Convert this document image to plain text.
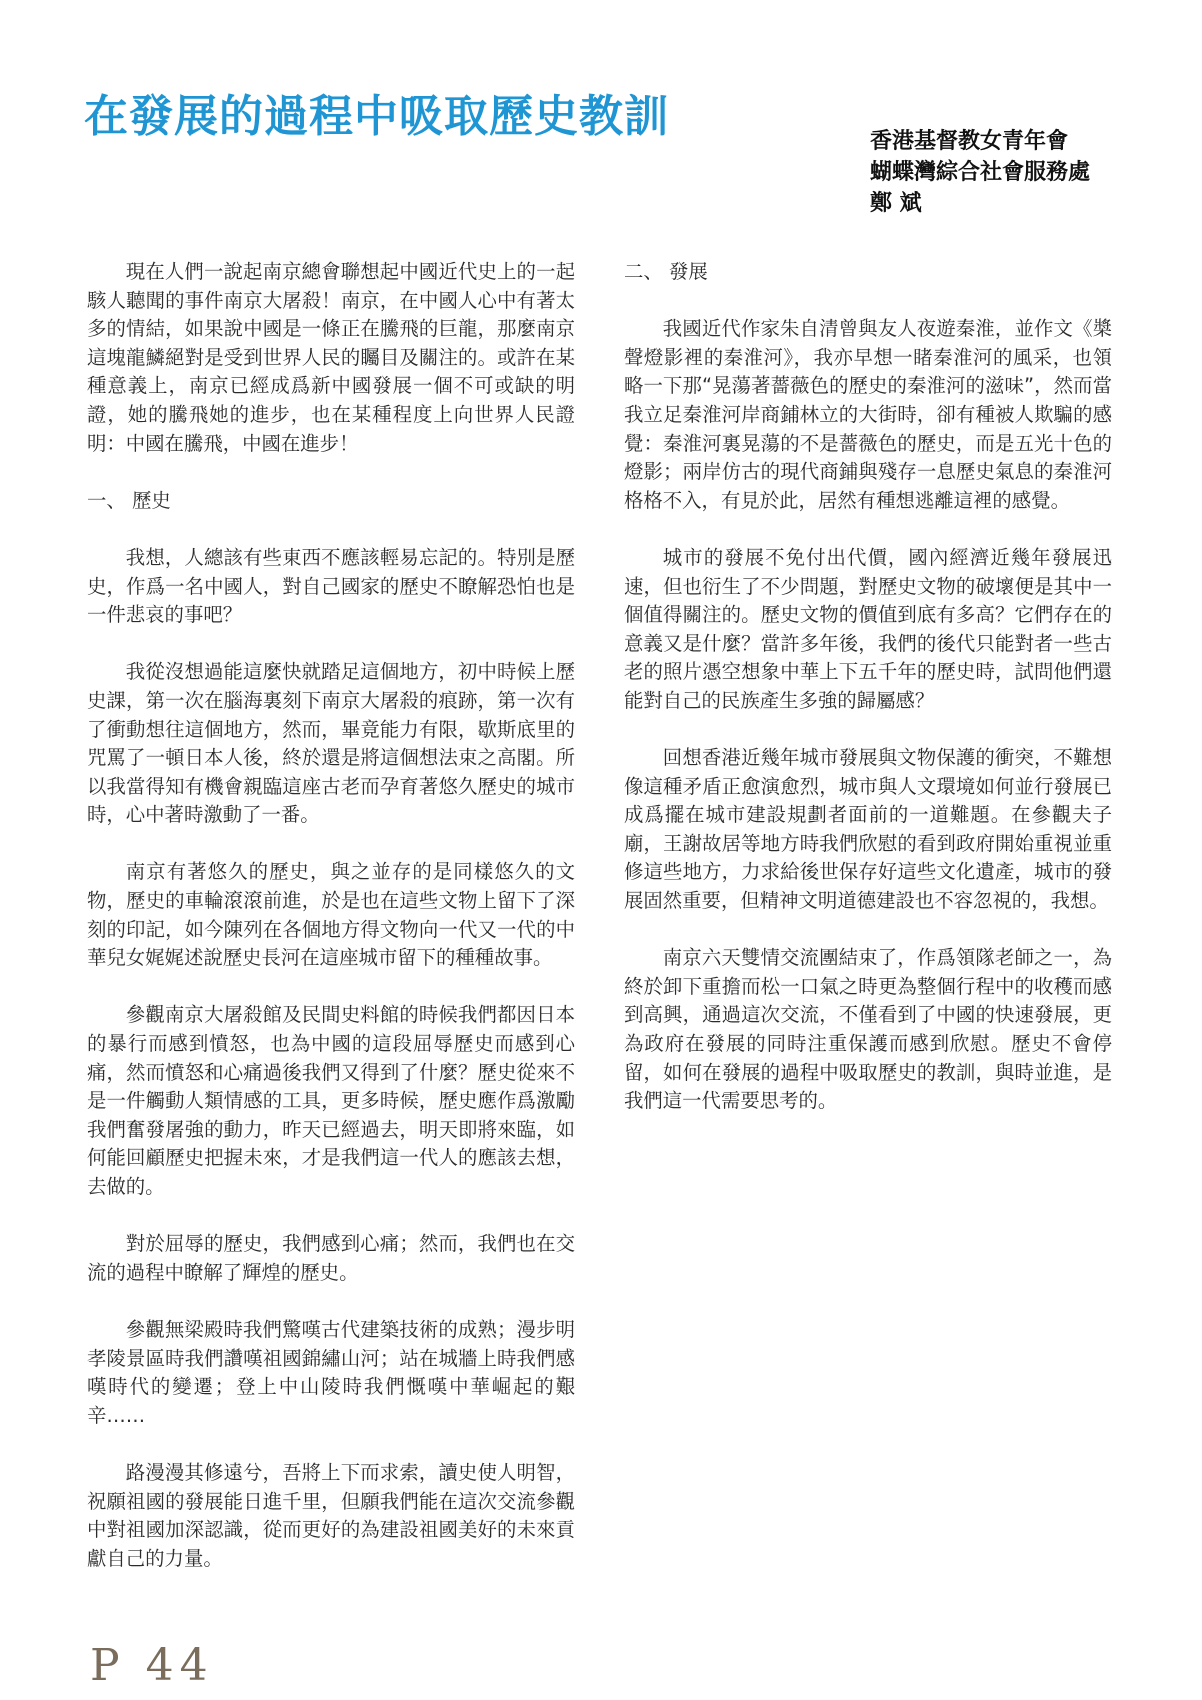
在發展的過程中吸取歷史教訓	香港基督教女青年會
蝴蝶灣綜合社會服務處
鄭 斌

現在人們一說起南京總會聯想起中國近代史上的一起駭人聽聞的事件南京大屠殺！南京，在中國人心中有著太多的情結，如果說中國是一條正在騰飛的巨龍，那麼南京這塊龍鱗絕對是受到世界人民的矚目及關注的。或許在某種意義上，南京已經成爲新中國發展一個不可或缺的明證，她的騰飛她的進步，也在某種程度上向世界人民證明：中國在騰飛，中國在進步！

一、 歷史

我想，人總該有些東西不應該輕易忘記的。特別是歷史，作爲一名中國人，對自己國家的歷史不瞭解恐怕也是一件悲哀的事吧？

我從沒想過能這麼快就踏足這個地方，初中時候上歷史課，第一次在腦海裏刻下南京大屠殺的痕跡，第一次有了衝動想往這個地方，然而，畢竟能力有限，歇斯底里的咒罵了一頓日本人後，終於還是將這個想法束之高閣。所以我當得知有機會親臨這座古老而孕育著悠久歷史的城市時，心中著時激動了一番。

南京有著悠久的歷史，與之並存的是同樣悠久的文物，歷史的車輪滾滾前進，於是也在這些文物上留下了深刻的印記，如今陳列在各個地方得文物向一代又一代的中華兒女娓娓述說歷史長河在這座城市留下的種種故事。

參觀南京大屠殺館及民間史料館的時候我們都因日本的暴行而感到憤怒，也為中國的這段屈辱歷史而感到心痛，然而憤怒和心痛過後我們又得到了什麼？歷史從來不是一件觸動人類情感的工具，更多時候，歷史應作爲激勵我們奮發屠強的動力，昨天已經過去，明天即將來臨，如何能回顧歷史把握未來，才是我們這一代人的應該去想，去做的。

對於屈辱的歷史，我們感到心痛；然而，我們也在交流的過程中瞭解了輝煌的歷史。

參觀無梁殿時我們驚嘆古代建築技術的成熟；漫步明孝陵景區時我們讚嘆祖國錦繡山河；站在城牆上時我們感嘆時代的變遷；登上中山陵時我們慨嘆中華崛起的艱辛……

路漫漫其修遠兮，吾將上下而求索，讀史使人明智，祝願祖國的發展能日進千里，但願我們能在這次交流參觀中對祖國加深認識，從而更好的為建設祖國美好的未來貢獻自己的力量。

二、 發展

我國近代作家朱自清曾與友人夜遊秦淮，並作文《槳聲燈影裡的秦淮河》，我亦早想一睹秦淮河的風采，也領略一下那“晃蕩著薔薇色的歷史的秦淮河的滋味”，然而當我立足秦淮河岸商鋪林立的大街時，卻有種被人欺騙的感覺：秦淮河裏晃蕩的不是薔薇色的歷史，而是五光十色的燈影；兩岸仿古的現代商鋪與殘存一息歷史氣息的秦淮河格格不入，有見於此，居然有種想逃離這裡的感覺。

城市的發展不免付出代價，國內經濟近幾年發展迅速，但也衍生了不少問題，對歷史文物的破壞便是其中一個值得關注的。歷史文物的價值到底有多高？它們存在的意義又是什麼？當許多年後，我們的後代只能對者一些古老的照片憑空想象中華上下五千年的歷史時，試問他們還能對自己的民族產生多強的歸屬感？

回想香港近幾年城市發展與文物保護的衝突，不難想像這種矛盾正愈演愈烈，城市與人文環境如何並行發展已成爲擺在城市建設規劃者面前的一道難題。在參觀夫子廟，王謝故居等地方時我們欣慰的看到政府開始重視並重修這些地方，力求給後世保存好這些文化遺產，城市的發展固然重要，但精神文明道德建設也不容忽視的，我想。

南京六天雙情交流團結束了，作爲領隊老師之一，為終於卸下重擔而松一口氣之時更為整個行程中的收穫而感到高興，通過這次交流，不僅看到了中國的快速發展，更為政府在發展的同時注重保護而感到欣慰。歷史不會停留，如何在發展的過程中吸取歷史的教訓，與時並進，是我們這一代需要思考的。

P 44
